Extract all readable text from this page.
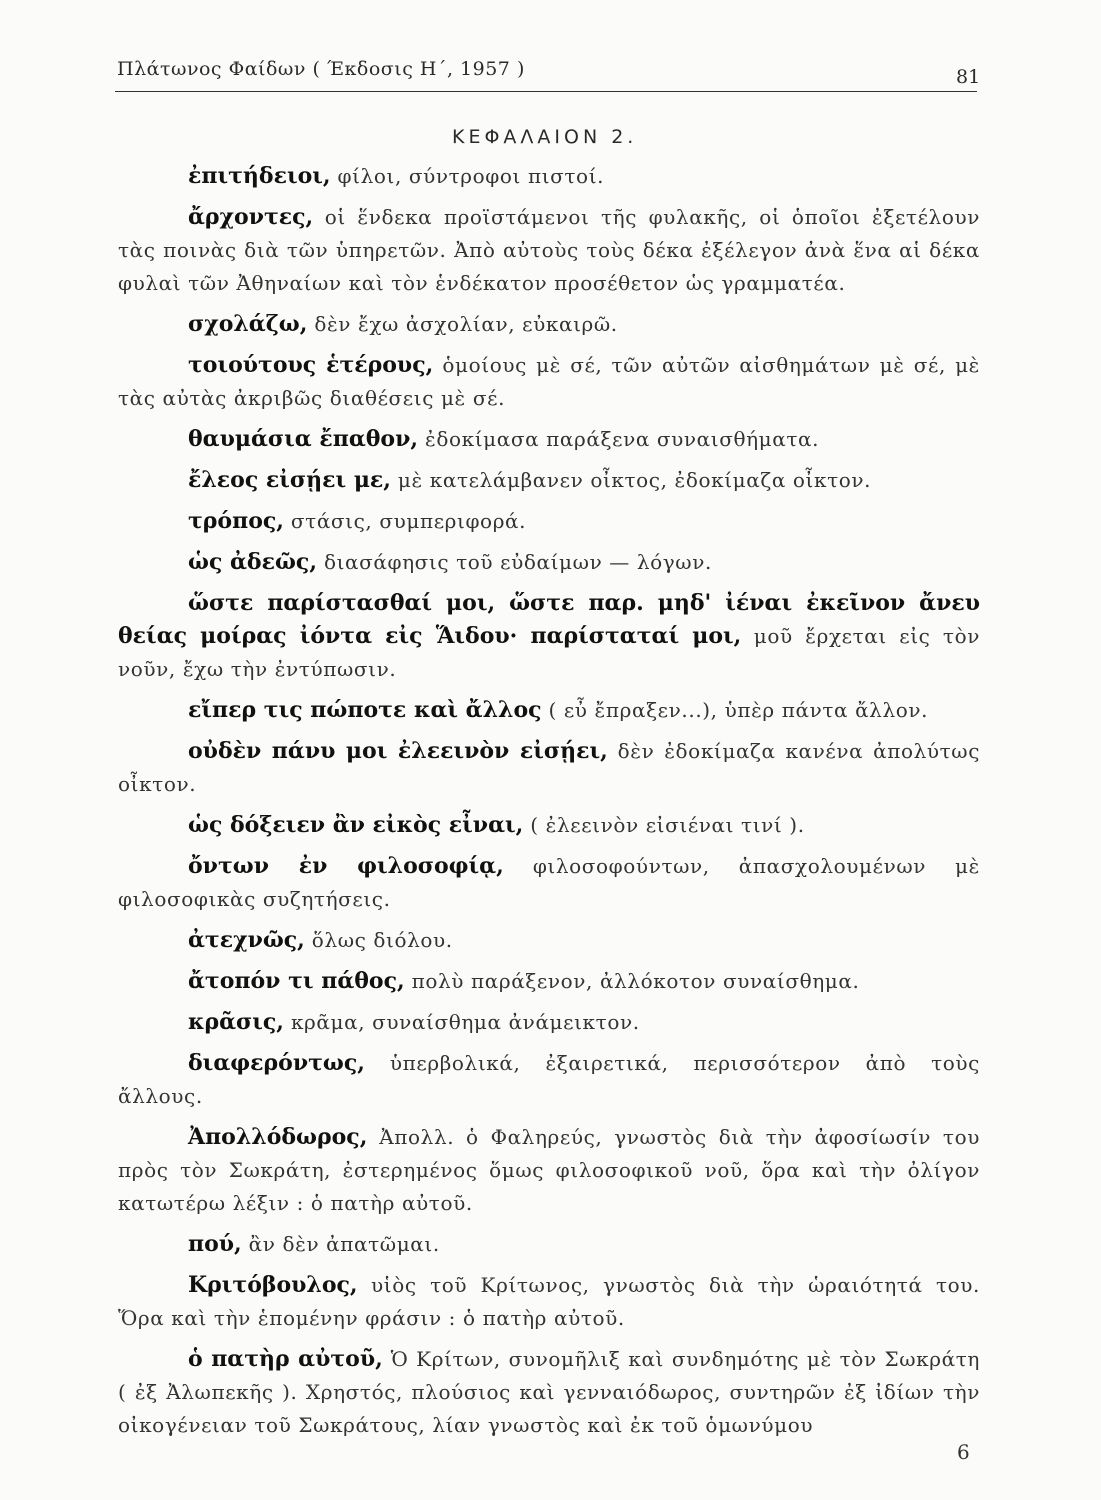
Πλάτωνος Φαίδων ( Έκδοσις Η΄, 1957 )	81
ΚΕΦΑΛΑΙΟΝ 2.

ἐπιτήδειοι, φίλοι, σύντροφοι πιστοί.

ἄρχοντες, οἱ ἕνδεκα προϊστάμενοι τῆς φυλακῆς, οἱ ὁποῖοι ἐξετέλουν τὰς ποινὰς διὰ τῶν ὑπηρετῶν. Ἀπὸ αὐτοὺς τοὺς δέκα ἐξέλεγον ἀνὰ ἕνα αἱ δέκα φυλαὶ τῶν Ἀθηναίων καὶ τὸν ἑνδέκατον προσέθετον ὡς γραμματέα.

σχολάζω, δὲν ἔχω ἀσχολίαν, εὐκαιρῶ.

τοιούτους ἑτέρους, ὁμοίους μὲ σέ, τῶν αὐτῶν αἰσθημάτων μὲ σέ, μὲ τὰς αὐτὰς ἀκριβῶς διαθέσεις μὲ σέ.

θαυμάσια ἔπαθον, ἐδοκίμασα παράξενα συναισθήματα.

ἔλεος εἰσῄει με, μὲ κατελάμβανεν οἶκτος, ἐδοκίμαζα οἶκτον.

τρόπος, στάσις, συμπεριφορά.

ὡς ἀδεῶς, διασάφησις τοῦ εὐδαίμων — λόγων.

ὥστε παρίστασθαί μοι, ὥστε παρ. μηδ' ἰέναι ἐκεῖνον ἄνευ θείας μοίρας ἰόντα εἰς Ἅιδου· παρίσταταί μοι, μοῦ ἔρχεται εἰς τὸν νοῦν, ἔχω τὴν ἐντύπωσιν.

εἴπερ τις πώποτε καὶ ἄλλος ( εὖ ἔπραξεν...), ὑπὲρ πάντα ἄλλον.

οὐδὲν πάνυ μοι ἐλεεινὸν εἰσῄει, δὲν ἐδοκίμαζα κανένα ἀπολύτως οἶκτον.

ὡς δόξειεν ἂν εἰκὸς εἶναι, ( ἐλεεινὸν εἰσιέναι τινί ).

ὄντων ἐν φιλοσοφίᾳ, φιλοσοφούντων, ἀπασχολουμένων μὲ φιλοσοφικὰς συζητήσεις.

ἀτεχνῶς, ὅλως διόλου.

ἄτοπόν τι πάθος, πολὺ παράξενον, ἀλλόκοτον συναίσθημα.

κρᾶσις, κρᾶμα, συναίσθημα ἀνάμεικτον.

διαφερόντως, ὑπερβολικά, ἐξαιρετικά, περισσότερον ἀπὸ τοὺς ἄλλους.

Ἀπολλόδωρος, Ἀπολλ. ὁ Φαληρεύς, γνωστὸς διὰ τὴν ἀφοσίωσίν του πρὸς τὸν Σωκράτη, ἐστερημένος ὅμως φιλοσοφικοῦ νοῦ, ὅρα καὶ τὴν ὀλίγον κατωτέρω λέξιν : ὁ πατὴρ αὐτοῦ.

πού, ἂν δὲν ἀπατῶμαι.

Κριτόβουλος, υἱὸς τοῦ Κρίτωνος, γνωστὸς διὰ τὴν ὡραιότητά του. Ὅρα καὶ τὴν ἑπομένην φράσιν : ὁ πατὴρ αὐτοῦ.

ὁ πατὴρ αὐτοῦ, Ὁ Κρίτων, συνομῆλιξ καὶ συνδημότης μὲ τὸν Σωκράτη ( ἐξ Ἀλωπεκῆς ). Χρηστός, πλούσιος καὶ γενναιόδωρος, συντηρῶν ἐξ ἰδίων τὴν οἰκογένειαν τοῦ Σωκράτους, λίαν γνωστὸς καὶ ἐκ τοῦ ὁμωνύμου

6
